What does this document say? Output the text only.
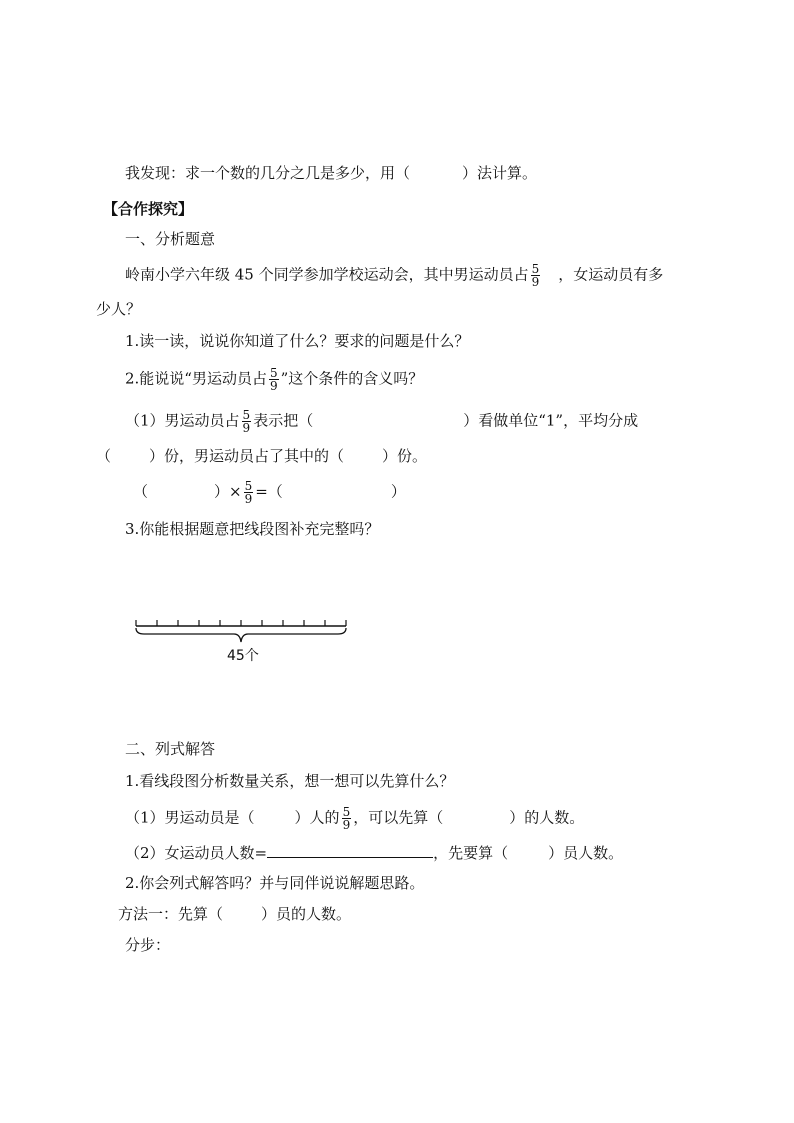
我发现：求一个数的几分之几是多少，用（	）法计算。
【合作探究】
一、分析题意
岭南小学六年级 45 个同学参加学校运动会，其中男运动员占 $\frac{5}{9}$ ，女运动员有多
少人？
1.读一读，说说你知道了什么？要求的问题是什么？
2.能说说“男运动员占 $\frac{5}{9}$ ”这个条件的含义吗？
（1）男运动员占 $\frac{5}{9}$ 表示把（	）看做单位“1”，平均分成
（	）份，男运动员占了其中的（	）份。
（	）× $\frac{5}{9}$ =（	）
3.你能根据题意把线段图补充完整吗？
45个
二、列式解答
1.看线段图分析数量关系，想一想可以先算什么？
（1）男运动员是（	）人的 $\frac{5}{9}$ ，可以先算（	）的人数。
（2）女运动员人数=	，先要算（	）员人数。
2.你会列式解答吗？并与同伴说说解题思路。
方法一：先算（	）员的人数。
分步：
